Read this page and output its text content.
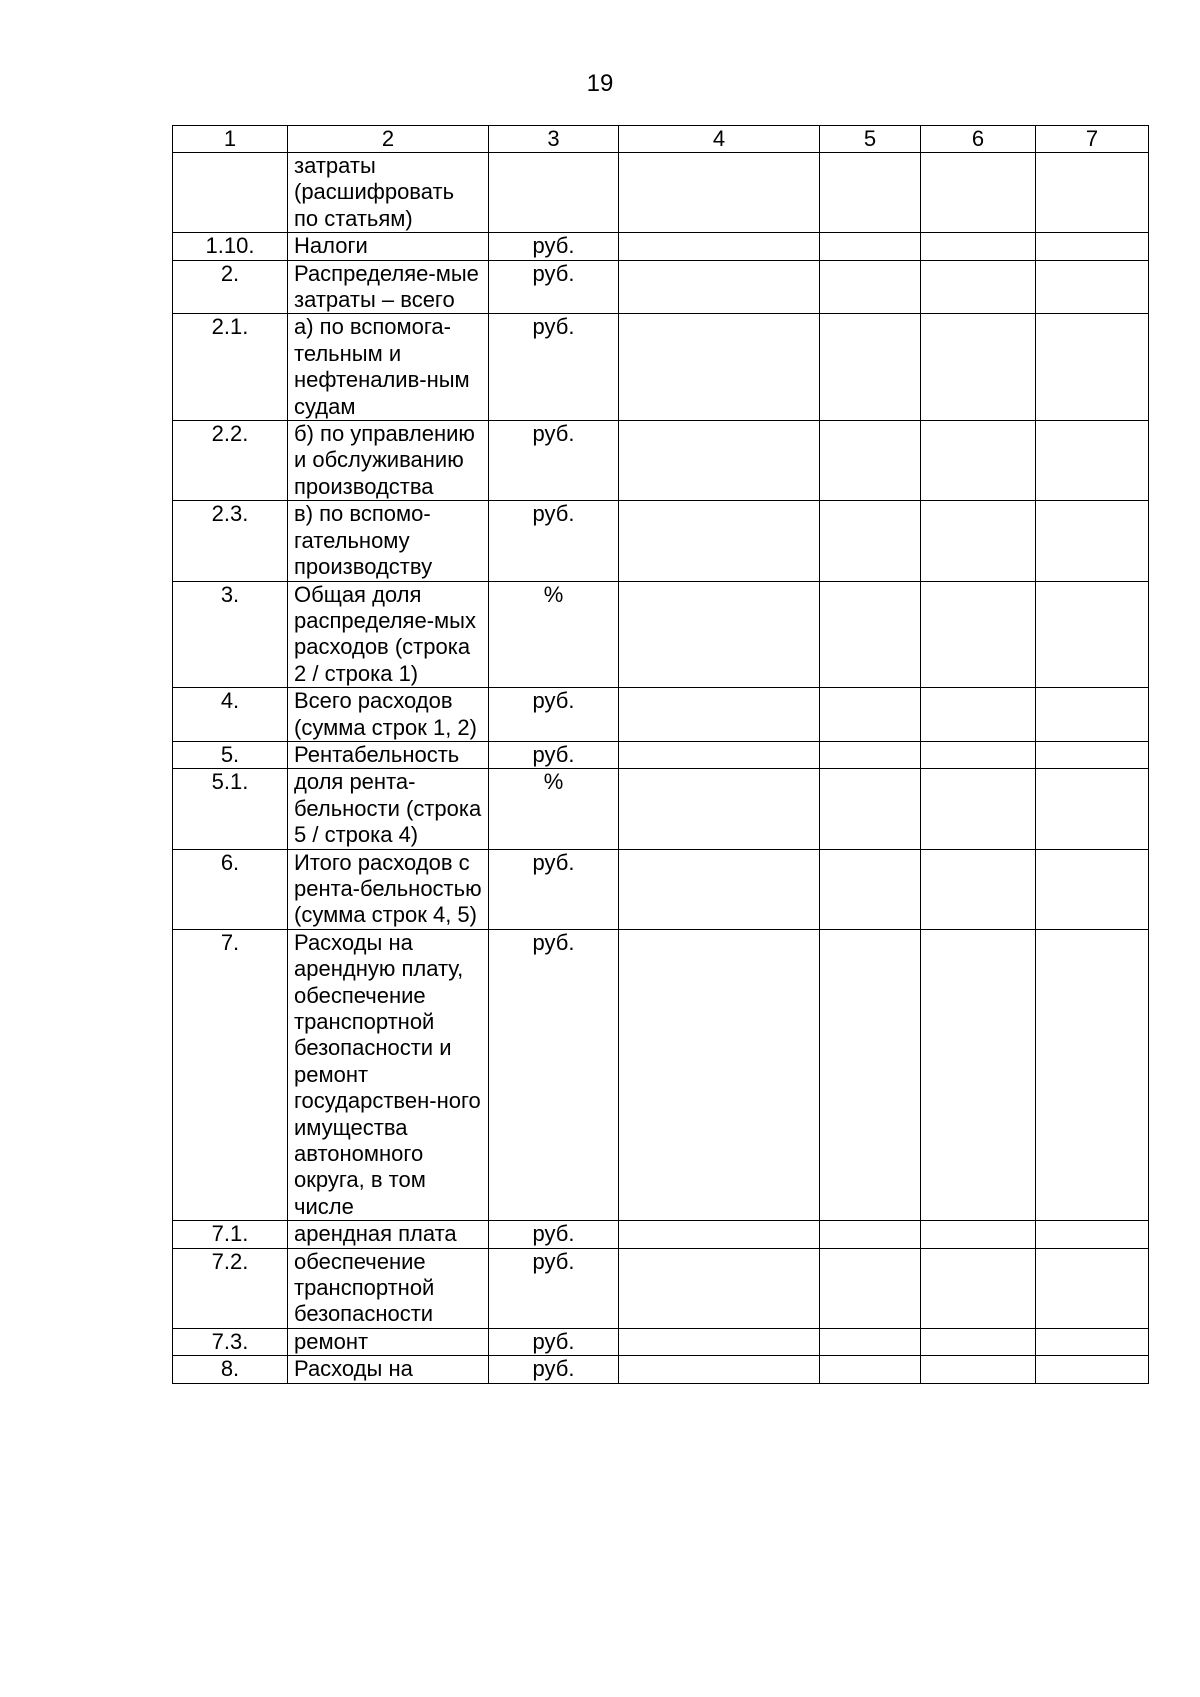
19
1	2	3	4	5	6	7
	затраты (расшифровать по статьям)					
1.10.	Налоги	руб.				
2.	Распределяе-мые затраты – всего	руб.				
2.1.	а) по вспомога-тельным и нефтеналив-ным судам	руб.				
2.2.	б) по управлению и обслуживанию производства	руб.				
2.3.	в) по вспомо-гательному производству	руб.				
3.	Общая доля распределяе-мых расходов (строка 2 / строка 1)	%				
4.	Всего расходов (сумма строк 1, 2)	руб.				
5.	Рентабельность	руб.				
5.1.	доля рента-бельности (строка 5 / строка 4)	%				
6.	Итого расходов с рента-бельностью (сумма строк 4, 5)	руб.				
7.	Расходы на арендную плату, обеспечение транспортной безопасности и ремонт государствен-ного имущества автономного округа, в том числе	руб.				
7.1.	арендная плата	руб.				
7.2.	обеспечение транспортной безопасности	руб.				
7.3.	ремонт	руб.				
8.	Расходы на	руб.				
